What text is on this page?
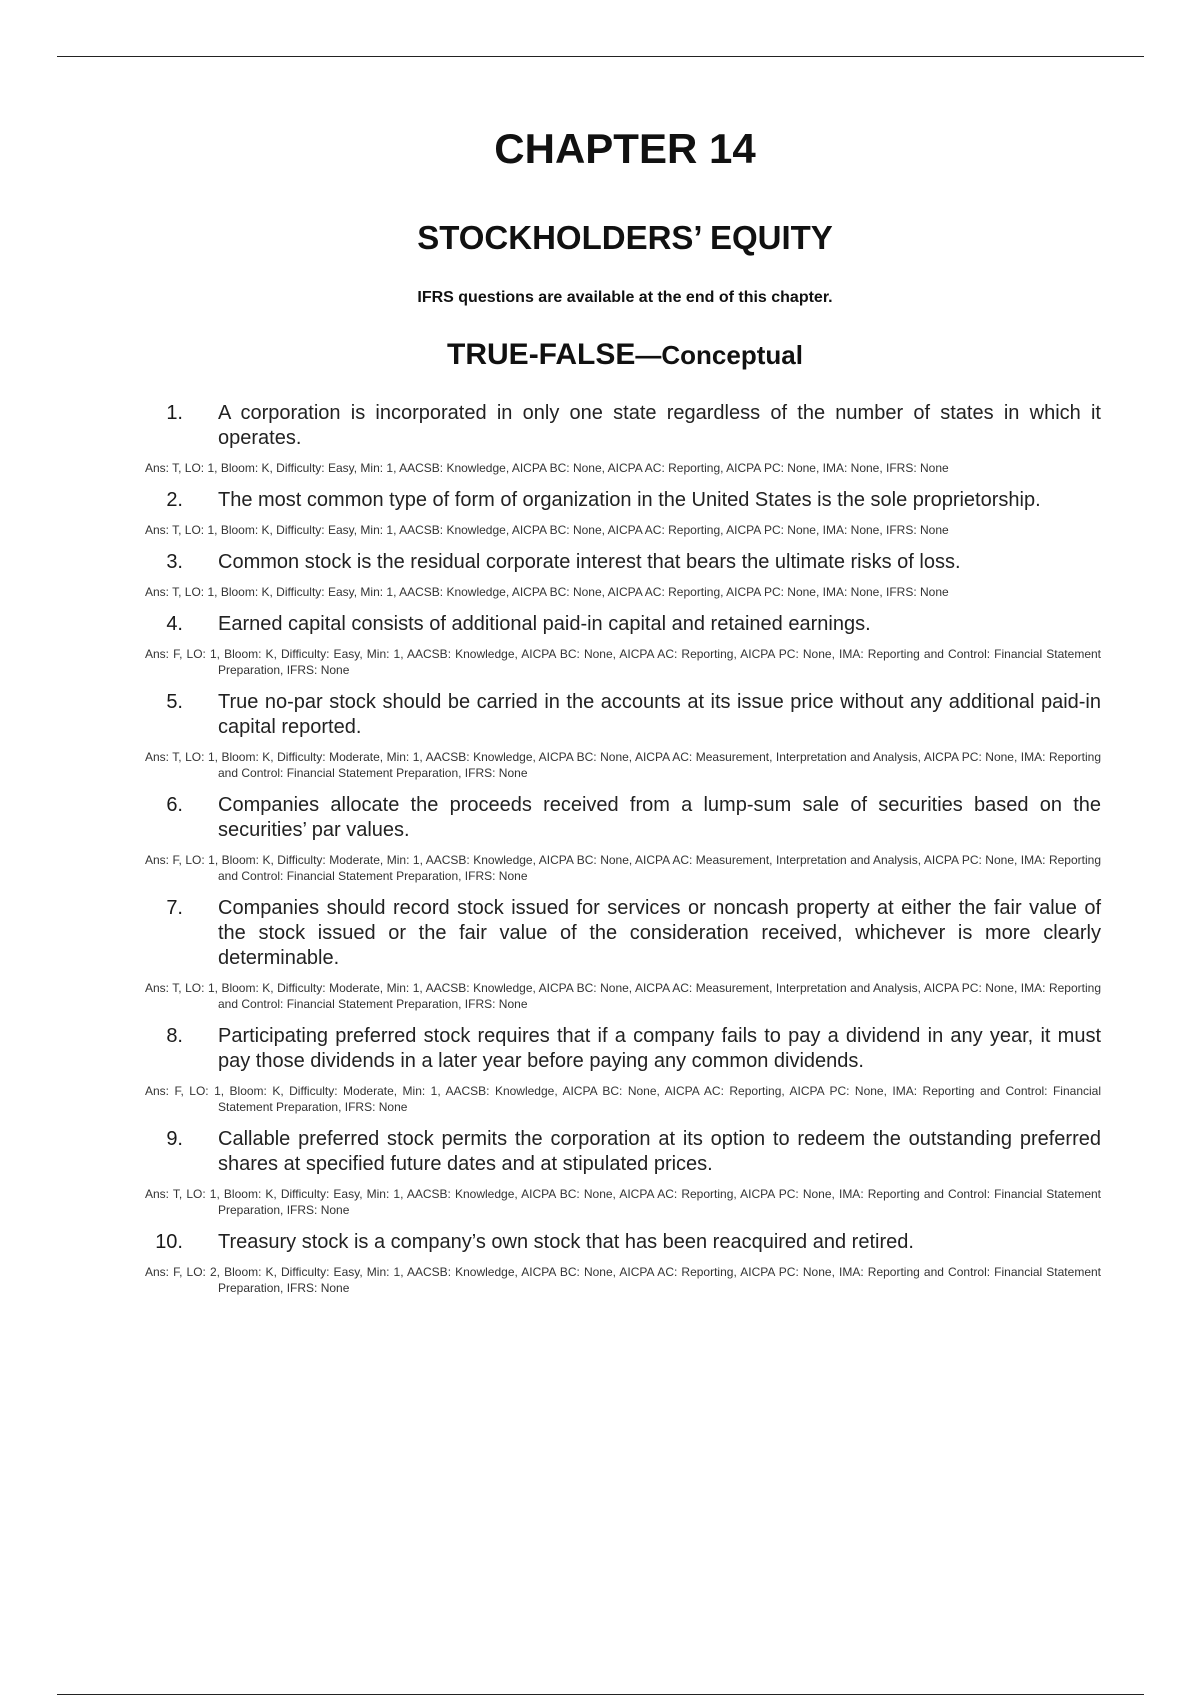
CHAPTER 14
STOCKHOLDERS’ EQUITY
IFRS questions are available at the end of this chapter.
TRUE-FALSE—Conceptual
1. A corporation is incorporated in only one state regardless of the number of states in which it operates.
Ans: T, LO: 1, Bloom: K, Difficulty: Easy, Min: 1, AACSB: Knowledge, AICPA BC: None, AICPA AC: Reporting, AICPA PC: None, IMA: None, IFRS: None
2. The most common type of form of organization in the United States is the sole proprietorship.
Ans: T, LO: 1, Bloom: K, Difficulty: Easy, Min: 1, AACSB: Knowledge, AICPA BC: None, AICPA AC: Reporting, AICPA PC: None, IMA: None, IFRS: None
3. Common stock is the residual corporate interest that bears the ultimate risks of loss.
Ans: T, LO: 1, Bloom: K, Difficulty: Easy, Min: 1, AACSB: Knowledge, AICPA BC: None, AICPA AC: Reporting, AICPA PC: None, IMA: None, IFRS: None
4. Earned capital consists of additional paid-in capital and retained earnings.
Ans: F, LO: 1, Bloom: K, Difficulty: Easy, Min: 1, AACSB: Knowledge, AICPA BC: None, AICPA AC: Reporting, AICPA PC: None, IMA: Reporting and Control: Financial Statement Preparation, IFRS: None
5. True no-par stock should be carried in the accounts at its issue price without any additional paid-in capital reported.
Ans: T, LO: 1, Bloom: K, Difficulty: Moderate, Min: 1, AACSB: Knowledge, AICPA BC: None, AICPA AC: Measurement, Interpretation and Analysis, AICPA PC: None, IMA: Reporting and Control: Financial Statement Preparation, IFRS: None
6. Companies allocate the proceeds received from a lump-sum sale of securities based on the securities’ par values.
Ans: F, LO: 1, Bloom: K, Difficulty: Moderate, Min: 1, AACSB: Knowledge, AICPA BC: None, AICPA AC: Measurement, Interpretation and Analysis, AICPA PC: None, IMA: Reporting and Control: Financial Statement Preparation, IFRS: None
7. Companies should record stock issued for services or noncash property at either the fair value of the stock issued or the fair value of the consideration received, whichever is more clearly determinable.
Ans: T, LO: 1, Bloom: K, Difficulty: Moderate, Min: 1, AACSB: Knowledge, AICPA BC: None, AICPA AC: Measurement, Interpretation and Analysis, AICPA PC: None, IMA: Reporting and Control: Financial Statement Preparation, IFRS: None
8. Participating preferred stock requires that if a company fails to pay a dividend in any year, it must pay those dividends in a later year before paying any common dividends.
Ans: F, LO: 1, Bloom: K, Difficulty: Moderate, Min: 1, AACSB: Knowledge, AICPA BC: None, AICPA AC: Reporting, AICPA PC: None, IMA: Reporting and Control: Financial Statement Preparation, IFRS: None
9. Callable preferred stock permits the corporation at its option to redeem the outstanding preferred shares at specified future dates and at stipulated prices.
Ans: T, LO: 1, Bloom: K, Difficulty: Easy, Min: 1, AACSB: Knowledge, AICPA BC: None, AICPA AC: Reporting, AICPA PC: None, IMA: Reporting and Control: Financial Statement Preparation, IFRS: None
10. Treasury stock is a company’s own stock that has been reacquired and retired.
Ans: F, LO: 2, Bloom: K, Difficulty: Easy, Min: 1, AACSB: Knowledge, AICPA BC: None, AICPA AC: Reporting, AICPA PC: None, IMA: Reporting and Control: Financial Statement Preparation, IFRS: None
